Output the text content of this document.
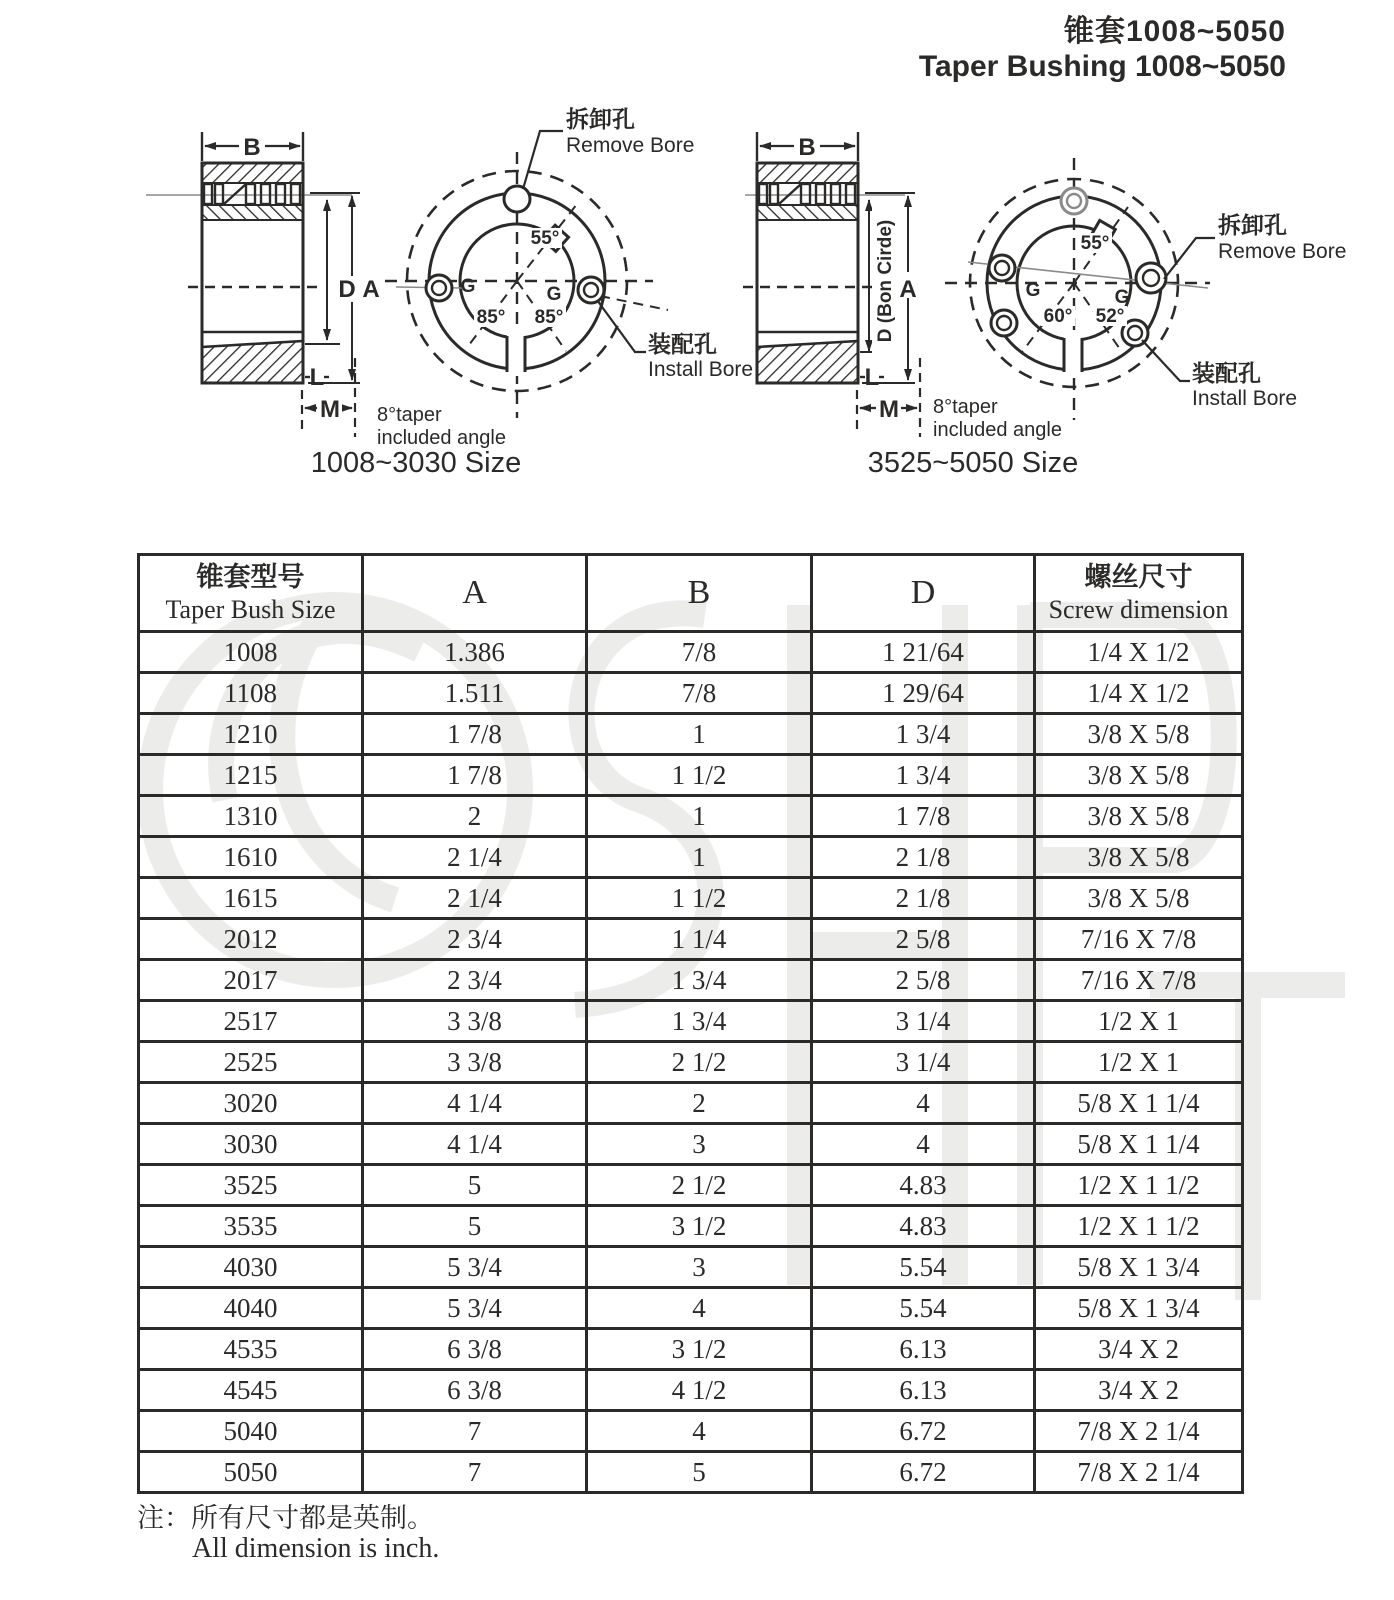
锥套1008~5050
Taper Bushing 1008~5050
B
D A
L
M 8°taper
included angle
55°
85° 85°
G	G
拆卸孔
Remove Bore
装配孔
Install Bore
1008~3030 Size
B
D (Bon Cirde) A
L
M 8°taper
included angle
55°
60° 52°
G	G
拆卸孔
Remove Bore
装配孔
Install Bore
3525~5050 Size
锥套型号
Taper Bush Size	A	B	D	螺丝尺寸
Screw dimension

1008	1.386	7/8	1 21/64	1/4 X 1/2
1108	1.511	7/8	1 29/64	1/4 X 1/2
1210	1 7/8	1	1 3/4	3/8 X 5/8
1215	1 7/8	1 1/2	1 3/4	3/8 X 5/8
1310	2	1	1 7/8	3/8 X 5/8
1610	2 1/4	1	2 1/8	3/8 X 5/8
1615	2 1/4	1 1/2	2 1/8	3/8 X 5/8
2012	2 3/4	1 1/4	2 5/8	7/16 X 7/8
2017	2 3/4	1 3/4	2 5/8	7/16 X 7/8
2517	3 3/8	1 3/4	3 1/4	1/2 X 1
2525	3 3/8	2 1/2	3 1/4	1/2 X 1
3020	4 1/4	2	4	5/8 X 1 1/4
3030	4 1/4	3	4	5/8 X 1 1/4
3525	5	2 1/2	4.83	1/2 X 1 1/2
3535	5	3 1/2	4.83	1/2 X 1 1/2
4030	5 3/4	3	5.54	5/8 X 1 3/4
4040	5 3/4	4	5.54	5/8 X 1 3/4
4535	6 3/8	3 1/2	6.13	3/4 X 2
4545	6 3/8	4 1/2	6.13	3/4 X 2
5040	7	4	6.72	7/8 X 2 1/4
5050	7	5	6.72	7/8 X 2 1/4
注：所有尺寸都是英制。
All dimension is inch.
